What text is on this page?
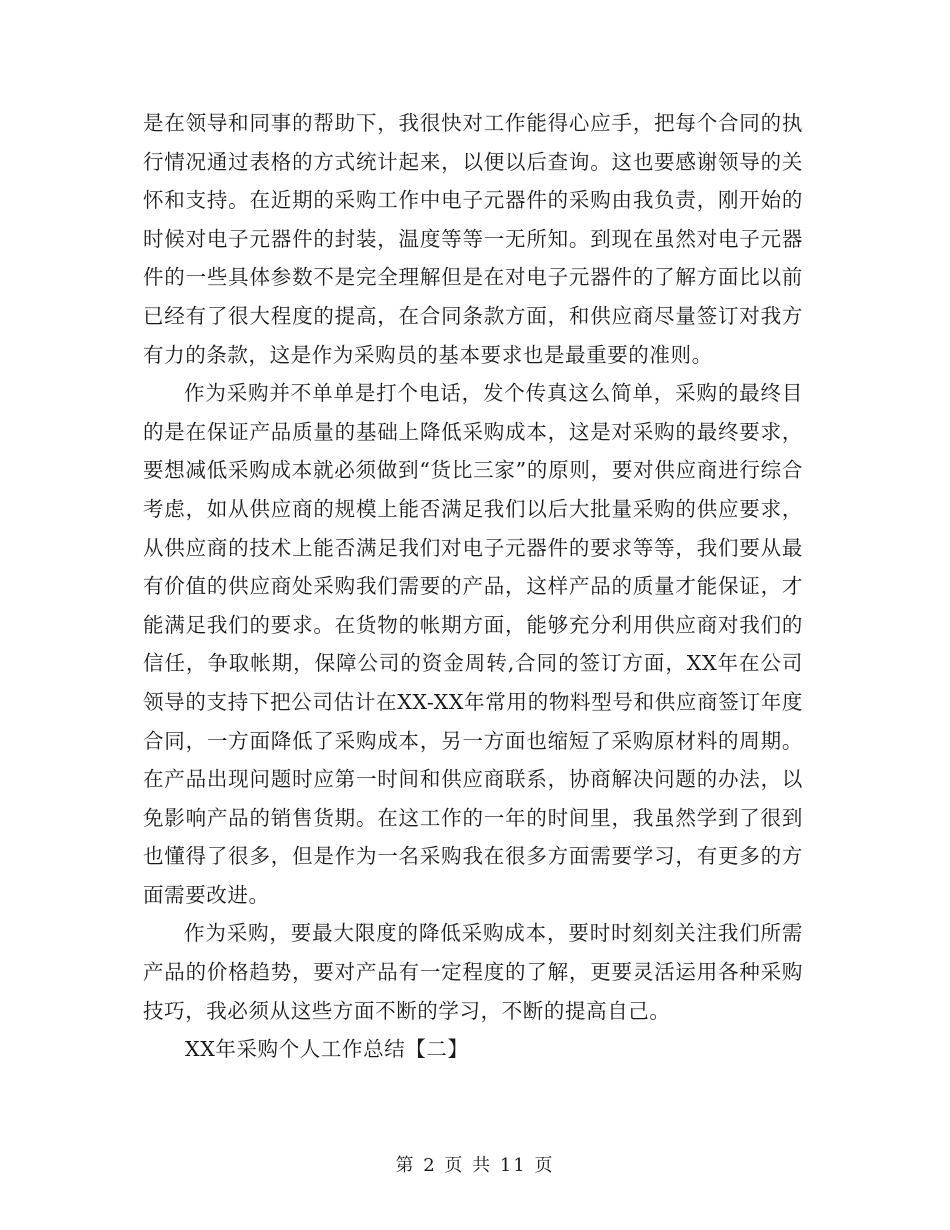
是在领导和同事的帮助下，我很快对工作能得心应手，把每个合同的执行情况通过表格的方式统计起来，以便以后查询。这也要感谢领导的关怀和支持。在近期的采购工作中电子元器件的采购由我负责，刚开始的时候对电子元器件的封装，温度等等一无所知。到现在虽然对电子元器件的一些具体参数不是完全理解但是在对电子元器件的了解方面比以前已经有了很大程度的提高，在合同条款方面，和供应商尽量签订对我方有力的条款，这是作为采购员的基本要求也是最重要的准则。

作为采购并不单单是打个电话，发个传真这么简单，采购的最终目的是在保证产品质量的基础上降低采购成本，这是对采购的最终要求，要想减低采购成本就必须做到“货比三家”的原则，要对供应商进行综合考虑，如从供应商的规模上能否满足我们以后大批量采购的供应要求，从供应商的技术上能否满足我们对电子元器件的要求等等，我们要从最有价值的供应商处采购我们需要的产品，这样产品的质量才能保证，才能满足我们的要求。在货物的帐期方面，能够充分利用供应商对我们的信任，争取帐期，保障公司的资金周转,合同的签订方面，XX年在公司领导的支持下把公司估计在XX-XX年常用的物料型号和供应商签订年度合同，一方面降低了采购成本，另一方面也缩短了采购原材料的周期。在产品出现问题时应第一时间和供应商联系，协商解决问题的办法，以免影响产品的销售货期。在这工作的一年的时间里，我虽然学到了很到也懂得了很多，但是作为一名采购我在很多方面需要学习，有更多的方面需要改进。

作为采购，要最大限度的降低采购成本，要时时刻刻关注我们所需产品的价格趋势，要对产品有一定程度的了解，更要灵活运用各种采购技巧，我必须从这些方面不断的学习，不断的提高自己。

XX年采购个人工作总结【二】

第 2 页 共 11 页
